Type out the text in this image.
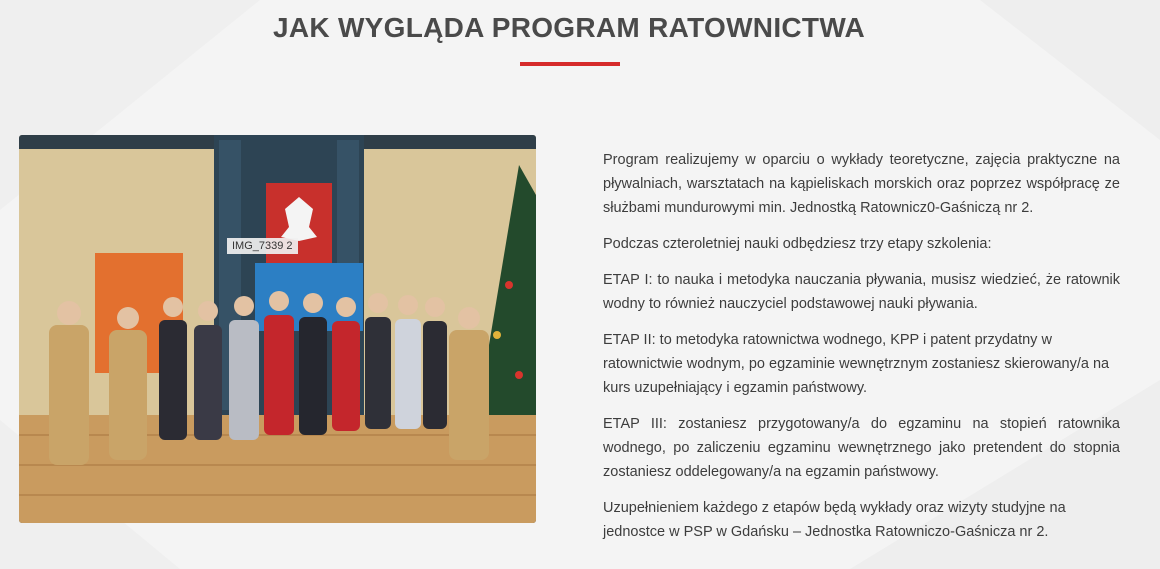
JAK WYGLĄDA PROGRAM RATOWNICTWA
IMG_7339 2

Program realizujemy w oparciu o wykłady teoretyczne, zajęcia praktyczne na pływalniach, warsztatach na kąpieliskach morskich oraz poprzez współpracę ze służbami mundurowymi min. Jednostką Ratownicz0-Gaśniczą nr 2.

Podczas czteroletniej nauki odbędziesz trzy etapy szkolenia:

ETAP I: to nauka i metodyka nauczania pływania, musisz wiedzieć, że ratownik wodny to również nauczyciel podstawowej nauki pływania.

ETAP II: to metodyka ratownictwa wodnego, KPP i patent przydatny w ratownictwie wodnym, po egzaminie wewnętrznym zostaniesz skierowany/a na kurs uzupełniający i egzamin państwowy.

ETAP III: zostaniesz przygotowany/a do egzaminu na stopień ratownika wodnego, po zaliczeniu egzaminu wewnętrznego jako pretendent do stopnia zostaniesz oddelegowany/a na egzamin państwowy.

Uzupełnieniem każdego z etapów będą wykłady oraz wizyty studyjne na jednostce w PSP w Gdańsku – Jednostka Ratowniczo-Gaśnicza nr 2.
